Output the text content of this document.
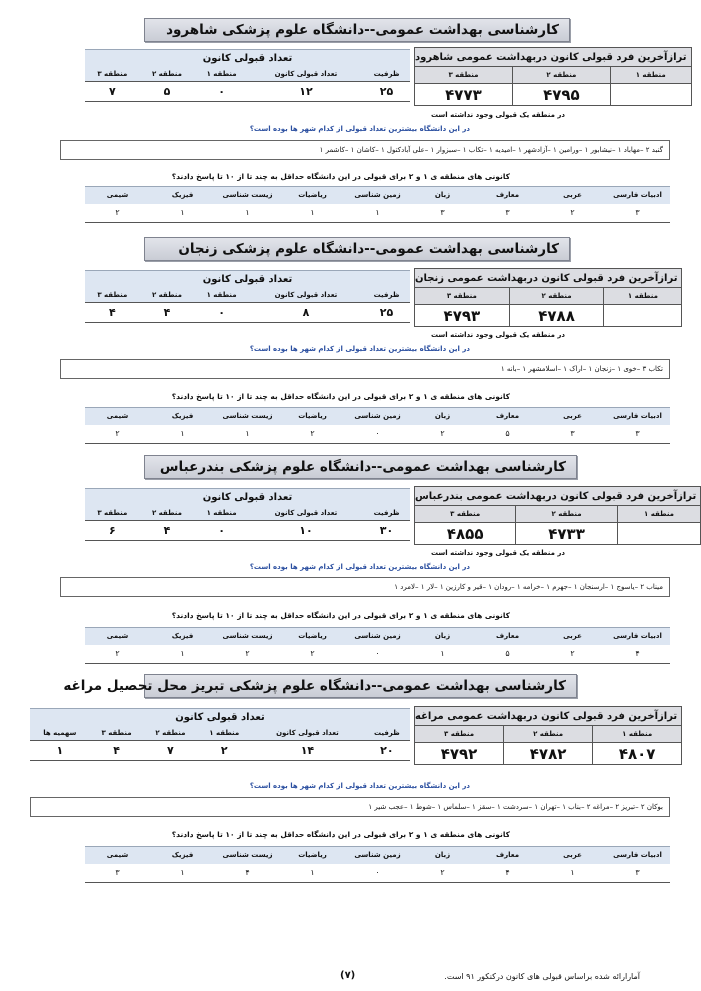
کارشناسی بهداشت عمومی--دانشگاه علوم پزشکی شاهرود
تعداد قبولی کانون				
ظرفیت	تعداد قبولی کانون	منطقه ۱	منطقه ۲	منطقه ۳
۲۵	۱۲	۰	۵	۷
ترازآخرین فرد قبولی کانون دربهداشت عمومی شاهرود		
منطقه ۱	منطقه ۲	منطقه ۳
	۴۷۹۵	۴۷۷۳
در منطقه یک قبولی وجود نداشته است
در این دانشگاه بیشترین تعداد قبولی از کدام شهر ها بوده است؟
گنبد ۲ –مهاباد ۱ –نیشابور ۱ –ورامین ۱ –آزادشهر ۱ –امیدیه ۱ –تکاب ۱ –سبزوار ۱ –علی آبادکتول ۱ –کاشان ۱ –کاشمر ۱
کانونی های منطقه ی ۱ و ۲ برای قبولی در این دانشگاه حداقل به چند تا از ۱۰ تا پاسخ دادند؟
ادبیات فارسی	عربی	معارف	زبان	زمین شناسی	ریاضیات	زیست شناسی	فیزیک	شیمی
۳	۲	۳	۳	۱	۱	۱	۱	۲
کارشناسی بهداشت عمومی--دانشگاه علوم پزشکی زنجان
تعداد قبولی کانون				
ظرفیت	تعداد قبولی کانون	منطقه ۱	منطقه ۲	منطقه ۳
۲۵	۸	۰	۴	۴
ترازآخرین فرد قبولی کانون دربهداشت عمومی زنجان		
منطقه ۱	منطقه ۲	منطقه ۳
	۴۷۸۸	۴۷۹۳
در منطقه یک قبولی وجود نداشته است
در این دانشگاه بیشترین تعداد قبولی از کدام شهر ها بوده است؟
تکاب ۳ –خوی ۱ –زنجان ۱ –اراک ۱ –اسلامشهر ۱ –بانه ۱
کانونی های منطقه ی ۱ و ۲ برای قبولی در این دانشگاه حداقل به چند تا از ۱۰ تا پاسخ دادند؟
ادبیات فارسی	عربی	معارف	زبان	زمین شناسی	ریاضیات	زیست شناسی	فیزیک	شیمی
۳	۳	۵	۲	۰	۲	۱	۱	۲
کارشناسی بهداشت عمومی--دانشگاه علوم پزشکی بندرعباس
تعداد قبولی کانون				
ظرفیت	تعداد قبولی کانون	منطقه ۱	منطقه ۲	منطقه ۳
۳۰	۱۰	۰	۴	۶
ترازآخرین فرد قبولی کانون دربهداشت عمومی بندرعباس		
منطقه ۱	منطقه ۲	منطقه ۳
	۴۷۳۳	۴۸۵۵
در منطقه یک قبولی وجود نداشته است
در این دانشگاه بیشترین تعداد قبولی از کدام شهر ها بوده است؟
میناب ۲ –یاسوج ۱ –ارسنجان ۱ –جهرم ۱ –خرامه ۱ –رودان ۱ –قیر و کارزین ۱ –لار ۱ –لامرد ۱
کانونی های منطقه ی ۱ و ۲ برای قبولی در این دانشگاه حداقل به چند تا از ۱۰ تا پاسخ دادند؟
ادبیات فارسی	عربی	معارف	زبان	زمین شناسی	ریاضیات	زیست شناسی	فیزیک	شیمی
۴	۲	۵	۱	۰	۲	۲	۱	۲
کارشناسی بهداشت عمومی--دانشگاه علوم پزشکی تبریز محل تحصیل مراغه
تعداد قبولی کانون					
ظرفیت	تعداد قبولی کانون	منطقه ۱	منطقه ۲	منطقه ۳	سهمیه ها
۲۰	۱۴	۲	۷	۴	۱
ترازآخرین فرد قبولی کانون دربهداشت عمومی مراغه		
منطقه ۱	منطقه ۲	منطقه ۳
۴۸۰۷	۴۷۸۲	۴۷۹۲
در این دانشگاه بیشترین تعداد قبولی از کدام شهر ها بوده است؟
بوکان ۲ –تبریز ۲ –مراغه ۲ –بناب ۱ –تهران ۱ –سردشت ۱ –سقز ۱ –سلماس ۱ –شوط ۱ –عجب شیر ۱
کانونی های منطقه ی ۱ و ۲ برای قبولی در این دانشگاه حداقل به چند تا از ۱۰ تا پاسخ دادند؟
ادبیات فارسی	عربی	معارف	زبان	زمین شناسی	ریاضیات	زیست شناسی	فیزیک	شیمی
۳	۱	۴	۲	۰	۱	۴	۱	۳
(۷)	آمارارائه شده براساس قبولی های کانون درکنکور ۹۱ است.
